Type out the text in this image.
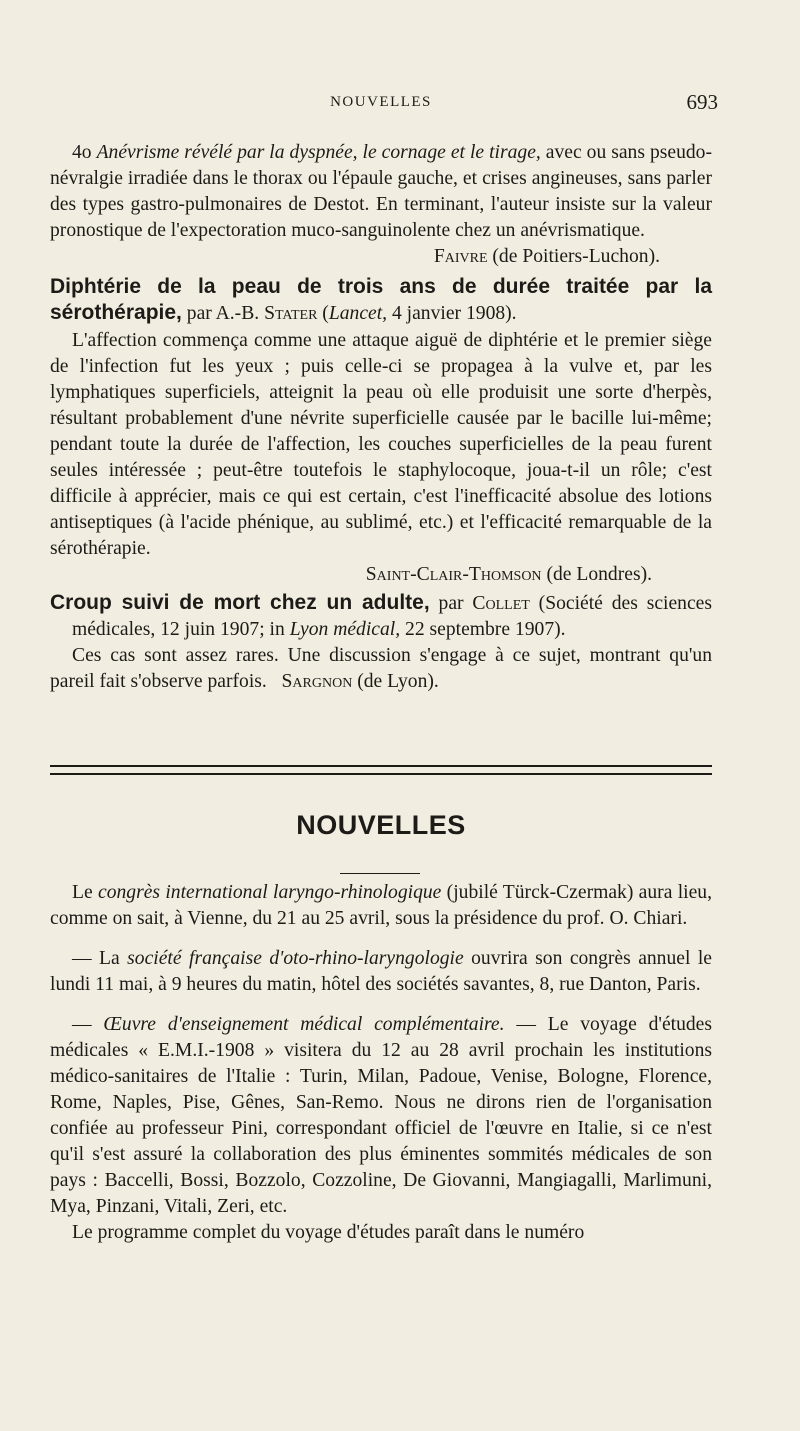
NOUVELLES	693

4o Anévrisme révélé par la dyspnée, le cornage et le tirage, avec ou sans pseudo-névralgie irradiée dans le thorax ou l'épaule gauche, et crises angineuses, sans parler des types gastro-pulmonaires de Destot. En terminant, l'auteur insiste sur la valeur pronostique de l'expectoration muco-sanguinolente chez un anévrismatique.

Faivre (de Poitiers-Luchon).

Diphtérie de la peau de trois ans de durée traitée par la sérothérapie, par A.-B. Stater (Lancet, 4 janvier 1908).

L'affection commença comme une attaque aiguë de diphtérie et le premier siège de l'infection fut les yeux ; puis celle-ci se propagea à la vulve et, par les lymphatiques superficiels, atteignit la peau où elle produisit une sorte d'herpès, résultant probablement d'une névrite superficielle causée par le bacille lui-même; pendant toute la durée de l'affection, les couches superficielles de la peau furent seules intéressée ; peut-être toutefois le staphylocoque, joua-t-il un rôle; c'est difficile à apprécier, mais ce qui est certain, c'est l'inefficacité absolue des lotions antiseptiques (à l'acide phénique, au sublimé, etc.) et l'efficacité remarquable de la sérothérapie.

Saint-Clair-Thomson (de Londres).

Croup suivi de mort chez un adulte, par Collet (Société des sciences médicales, 12 juin 1907; in Lyon médical, 22 septembre 1907).

Ces cas sont assez rares. Une discussion s'engage à ce sujet, montrant qu'un pareil fait s'observe parfois. Sargnon (de Lyon).

NOUVELLES

Le congrès international laryngo-rhinologique (jubilé Türck-Czermak) aura lieu, comme on sait, à Vienne, du 21 au 25 avril, sous la présidence du prof. O. Chiari.

— La société française d'oto-rhino-laryngologie ouvrira son congrès annuel le lundi 11 mai, à 9 heures du matin, hôtel des sociétés savantes, 8, rue Danton, Paris.

— Œuvre d'enseignement médical complémentaire. — Le voyage d'études médicales « E.M.I.-1908 » visitera du 12 au 28 avril prochain les institutions médico-sanitaires de l'Italie : Turin, Milan, Padoue, Venise, Bologne, Florence, Rome, Naples, Pise, Gênes, San-Remo. Nous ne dirons rien de l'organisation confiée au professeur Pini, correspondant officiel de l'œuvre en Italie, si ce n'est qu'il s'est assuré la collaboration des plus éminentes sommités médicales de son pays : Baccelli, Bossi, Bozzolo, Cozzoline, De Giovanni, Mangiagalli, Marlimuni, Mya, Pinzani, Vitali, Zeri, etc.

Le programme complet du voyage d'études paraît dans le numéro
